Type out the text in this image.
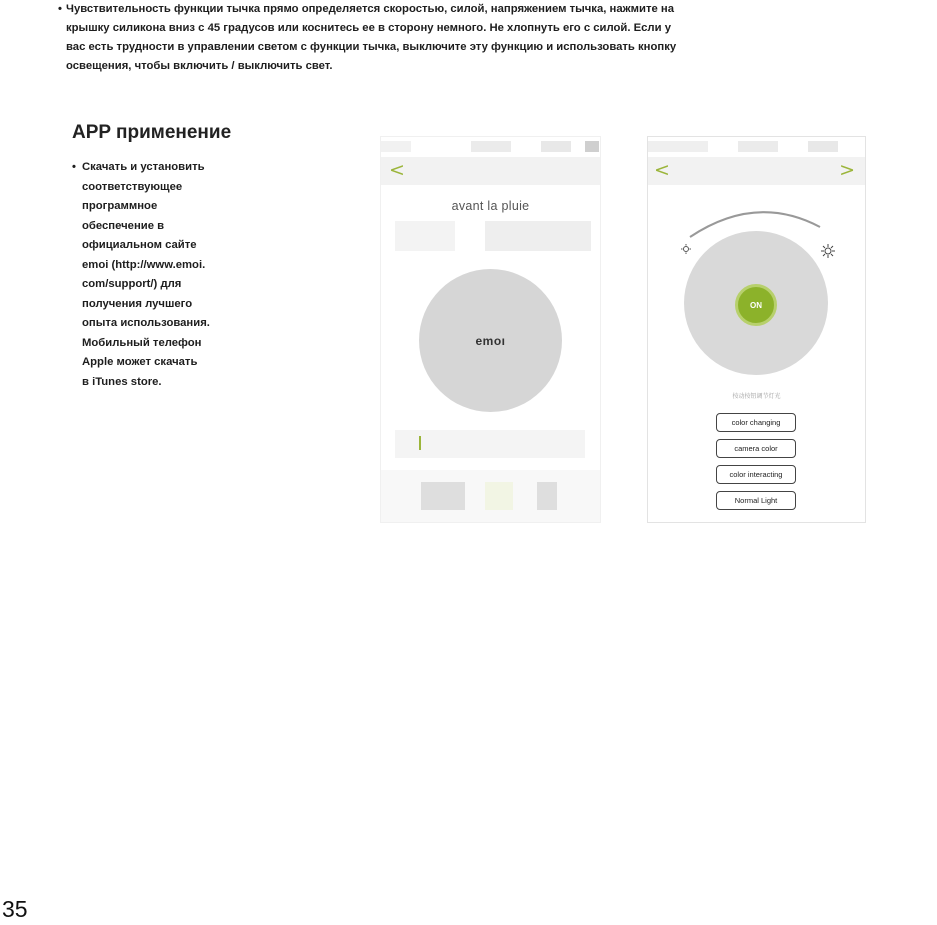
• Чувствительность функции тычка прямо определяется скоростью, силой, напряжением тычка, нажмите на
крышку силикона вниз с 45 градусов или коснитесь ее в сторону немного. Не хлопнуть его с силой. Если у
вас есть трудности в управлении светом с функции тычка, выключите эту функцию и использовать кнопку
освещения, чтобы включить / выключить свет.
APP применение
• Скачать и установить
соответствующее
программное
обеспечение в
официальном сайте
emoi (http://www.emoi.
com/support/) для
получения лучшего
опыта использования.
Мобильный телефон
Apple может скачать
в iTunes store.
<
avant la pluie
emoı
<	>
ON
按动按钮调节灯光
color changing
camera color
color interacting
Normal Light
35
